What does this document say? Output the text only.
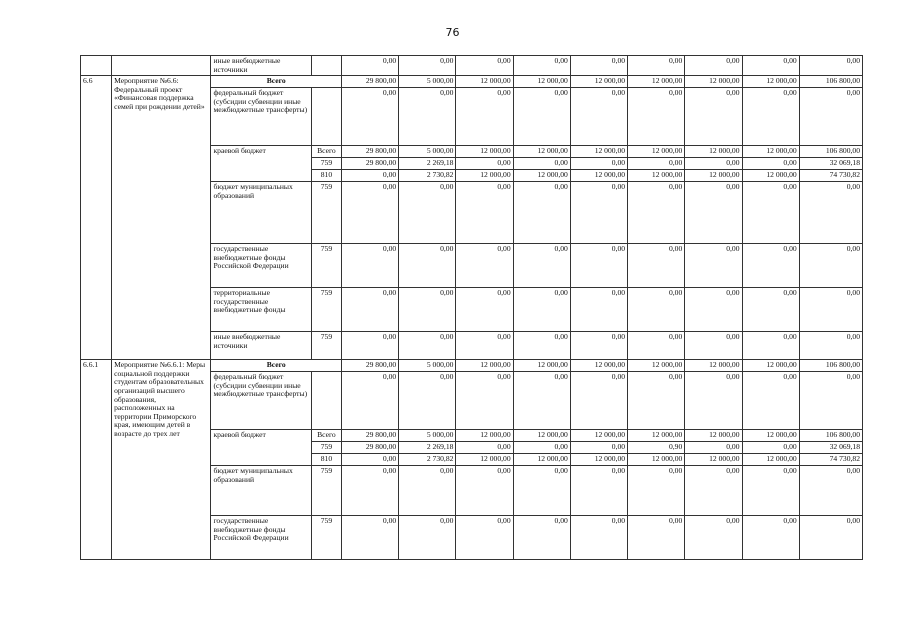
76
		иные внебюджетные источники		0,00	0,00	0,00	0,00	0,00	0,00	0,00	0,00	0,00
6.6	Мероприятие №6.6: Федеральный проект «Финансовая поддержка семей при рождении детей»	Всего		29 800,00	5 000,00	12 000,00	12 000,00	12 000,00	12 000,00	12 000,00	12 000,00	106 800,00
		федеральный бюджет (субсидии субвенции иные межбюджетные трансферты)		0,00	0,00	0,00	0,00	0,00	0,00	0,00	0,00	0,00
		краевой бюджет	Всего	29 800,00	5 000,00	12 000,00	12 000,00	12 000,00	12 000,00	12 000,00	12 000,00	106 800,00
			759	29 800,00	2 269,18	0,00	0,00	0,00	0,00	0,00	0,00	32 069,18
			810	0,00	2 730,82	12 000,00	12 000,00	12 000,00	12 000,00	12 000,00	12 000,00	74 730,82
		бюджет муниципальных образований	759	0,00	0,00	0,00	0,00	0,00	0,00	0,00	0,00	0,00
		государственные внебюджетные фонды Российской Федерации	759	0,00	0,00	0,00	0,00	0,00	0,00	0,00	0,00	0,00
		территориальные государственные внебюджетные фонды	759	0,00	0,00	0,00	0,00	0,00	0,00	0,00	0,00	0,00
		иные внебюджетные источники	759	0,00	0,00	0,00	0,00	0,00	0,00	0,00	0,00	0,00
6.6.1	Мероприятие №6.6.1: Меры социальной поддержки студентам образовательных организаций высшего образования, расположенных на территории Приморского края, имеющим детей в возрасте до трех лет	Всего		29 800,00	5 000,00	12 000,00	12 000,00	12 000,00	12 000,00	12 000,00	12 000,00	106 800,00
		федеральный бюджет (субсидии субвенции иные межбюджетные трансферты)		0,00	0,00	0,00	0,00	0,00	0,00	0,00	0,00	0,00
		краевой бюджет	Всего	29 800,00	5 000,00	12 000,00	12 000,00	12 000,00	12 000,00	12 000,00	12 000,00	106 800,00
			759	29 800,00	2 269,18	0,00	0,00	0,00	0,90	0,00	0,00	32 069,18
			810	0,00	2 730,82	12 000,00	12 000,00	12 000,00	12 000,00	12 000,00	12 000,00	74 730,82
		бюджет муниципальных образований	759	0,00	0,00	0,00	0,00	0,00	0,00	0,00	0,00	0,00
		государственные внебюджетные фонды Российской Федерации	759	0,00	0,00	0,00	0,00	0,00	0,00	0,00	0,00	0,00
